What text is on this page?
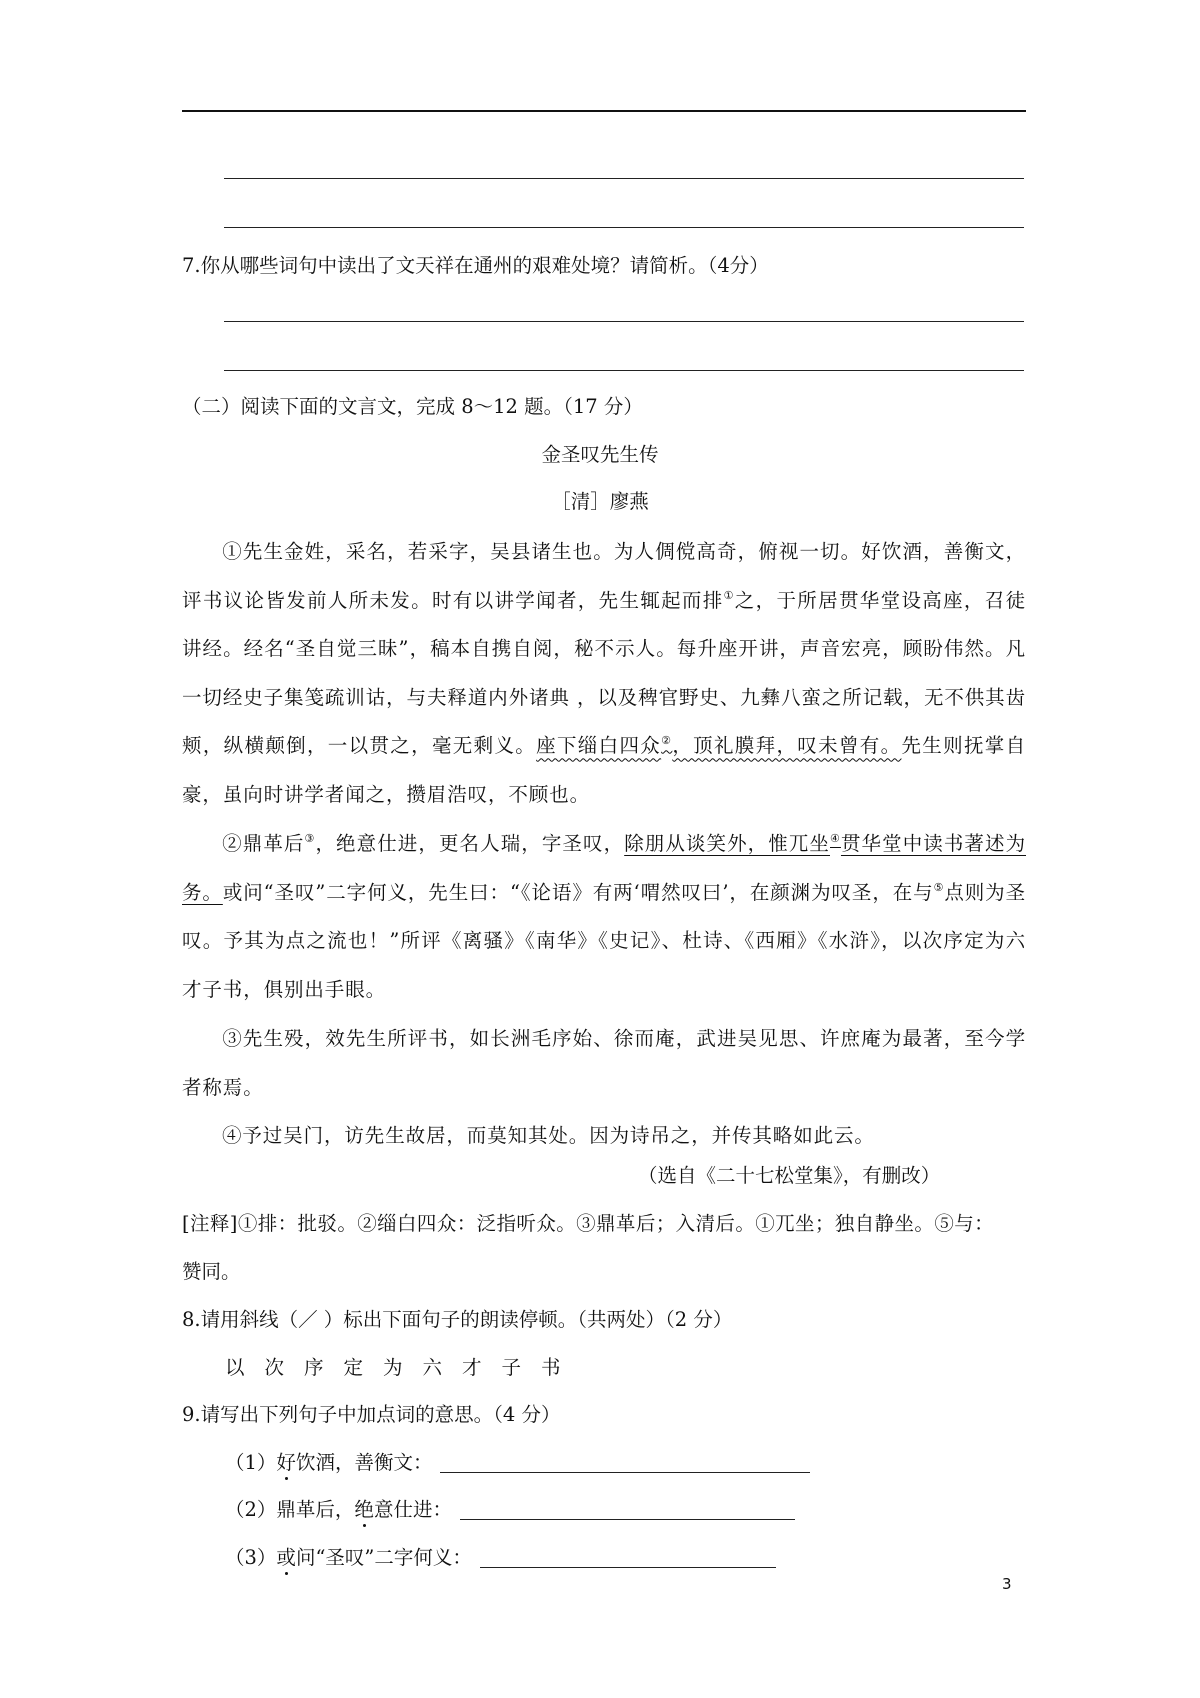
7.你从哪些词句中读出了文天祥在通州的艰难处境？请简析。（4分）
（二）阅读下面的文言文，完成 8～12 题。（17 分）
金圣叹先生传
［清］廖燕
①先生金姓，采名，若采字，吴县诸生也。为人倜傥高奇，俯视一切。好饮酒，善衡文，评书议论皆发前人所未发。时有以讲学闻者，先生辄起而排①之，于所居贯华堂设高座，召徒讲经。经名“圣自觉三昧”，稿本自携自阅，秘不示人。每升座开讲，声音宏亮，顾盼伟然。凡一切经史子集笺疏训诂，与夫释道内外诸典 ，以及稗官野史、九彝八蛮之所记载，无不供其齿颊，纵横颠倒，一以贯之，毫无剩义。座下缁白四众②，顶礼膜拜，叹未曾有。先生则抚掌自豪，虽向时讲学者闻之，攒眉浩叹，不顾也。
②鼎革后③，绝意仕进，更名人瑞，字圣叹，除朋从谈笑外，惟兀坐④贯华堂中读书著述为务。或问“圣叹”二字何义，先生曰：“《论语》有两‘喟然叹曰’，在颜渊为叹圣，在与⑤点则为圣叹。予其为点之流也！”所评《离骚》《南华》《史记》、杜诗、《西厢》《水浒》，以次序定为六才子书，俱别出手眼。
③先生殁，效先生所评书，如长洲毛序始、徐而庵，武进吴见思、许庶庵为最著，至今学者称焉。
④予过吴门，访先生故居，而莫知其处。因为诗吊之，并传其略如此云。
（选自《二十七松堂集》，有删改）
[注释]①排：批驳。②缁白四众：泛指听众。③鼎革后；入清后。①兀坐；独自静坐。⑤与：
赞同。
8.请用斜线（／ ）标出下面句子的朗读停顿。（共两处）（2 分）
以次序定为六才子书
9.请写出下列句子中加点词的意思。（4 分）
（1）好饮酒，善衡文：
（2）鼎革后，绝意仕进：
（3）或问“圣叹”二字何义：
3
